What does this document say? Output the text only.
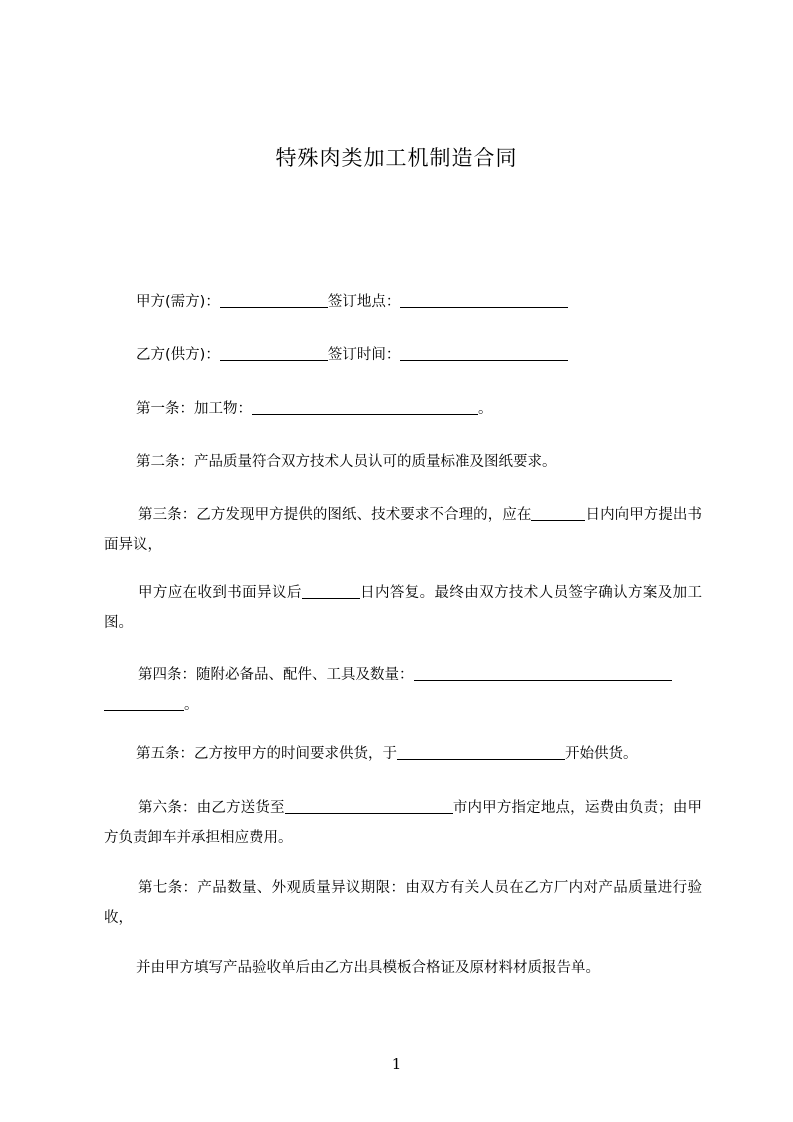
特殊肉类加工机制造合同
甲方(需方)：	签订地点：
乙方(供方)：	签订时间：
第一条：加工物：	。
第二条：产品质量符合双方技术人员认可的质量标准及图纸要求。
第三条：乙方发现甲方提供的图纸、技术要求不合理的，应在	日内向甲方提出书面异议，
甲方应在收到书面异议后	日内答复。最终由双方技术人员签字确认方案及加工图。
第四条：随附必备品、配件、工具及数量：
。
第五条：乙方按甲方的时间要求供货，于	开始供货。
第六条：由乙方送货至	市内甲方指定地点，运费由负责；由甲方负责卸车并承担相应费用。
第七条：产品数量、外观质量异议期限：由双方有关人员在乙方厂内对产品质量进行验收，
并由甲方填写产品验收单后由乙方出具模板合格证及原材料材质报告单。
1
